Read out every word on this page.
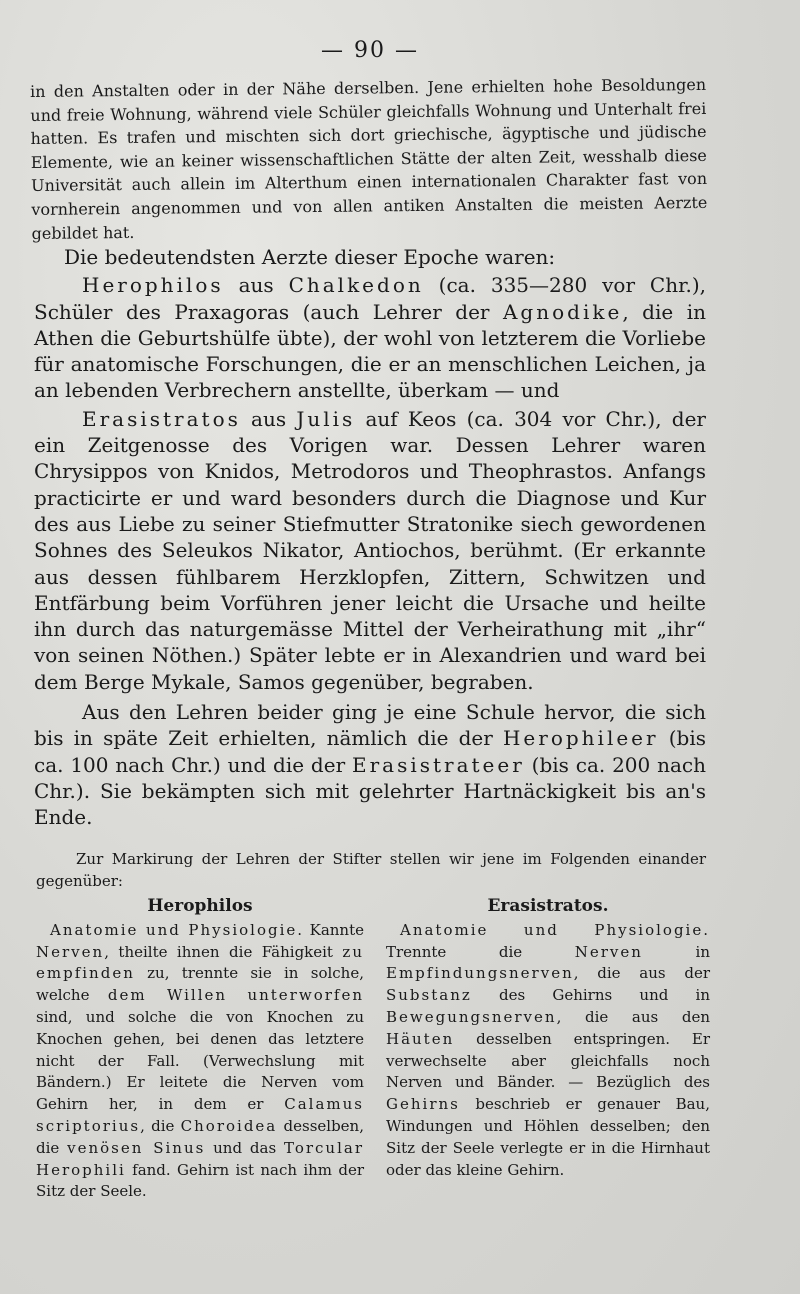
— 90 —

in den Anstalten oder in der Nähe derselben. Jene erhielten hohe Besoldungen und freie Wohnung, während viele Schüler gleichfalls Wohnung und Unterhalt frei hatten. Es trafen und mischten sich dort griechische, ägyptische und jüdische Elemente, wie an keiner wissenschaftlichen Stätte der alten Zeit, wesshalb diese Universität auch allein im Alterthum einen internationalen Charakter fast von vornherein angenommen und von allen antiken Anstalten die meisten Aerzte gebildet hat.

Die bedeutendsten Aerzte dieser Epoche waren:

Herophilos aus Chalkedon (ca. 335—280 vor Chr.), Schüler des Praxagoras (auch Lehrer der Agnodike, die in Athen die Geburtshülfe übte), der wohl von letzterem die Vorliebe für anatomische Forschungen, die er an menschlichen Leichen, ja an lebenden Verbrechern anstellte, überkam — und

Erasistratos aus Julis auf Keos (ca. 304 vor Chr.), der ein Zeitgenosse des Vorigen war. Dessen Lehrer waren Chrysippos von Knidos, Metrodoros und Theophrastos. Anfangs practicirte er und ward besonders durch die Diagnose und Kur des aus Liebe zu seiner Stiefmutter Stratonike siech gewordenen Sohnes des Seleukos Nikator, Antiochos, berühmt. (Er erkannte aus dessen fühlbarem Herzklopfen, Zittern, Schwitzen und Entfärbung beim Vorführen jener leicht die Ursache und heilte ihn durch das naturgemässe Mittel der Verheirathung mit „ihr“ von seinen Nöthen.) Später lebte er in Alexandrien und ward bei dem Berge Mykale, Samos gegenüber, begraben.

Aus den Lehren beider ging je eine Schule hervor, die sich bis in späte Zeit erhielten, nämlich die der Herophileer (bis ca. 100 nach Chr.) und die der Erasistrateer (bis ca. 200 nach Chr.). Sie bekämpten sich mit gelehrter Hartnäckigkeit bis an's Ende.

Zur Markirung der Lehren der Stifter stellen wir jene im Folgenden einander gegenüber:

Herophilos

Anatomie und Physiologie. Kannte Nerven, theilte ihnen die Fähigkeit zu empfinden zu, trennte sie in solche, welche dem Willen unterworfen sind, und solche die von Knochen zu Knochen gehen, bei denen das letztere nicht der Fall. (Verwechslung mit Bändern.) Er leitete die Nerven vom Gehirn her, in dem er Calamus scriptorius, die Choroidea desselben, die venösen Sinus und das Torcular Herophili fand. Gehirn ist nach ihm der Sitz der Seele.

Erasistratos.

Anatomie und Physiologie. Trennte die Nerven in Empfindungsnerven, die aus der Substanz des Gehirns und in Bewegungsnerven, die aus den Häuten desselben entspringen. Er verwechselte aber gleichfalls noch Nerven und Bänder. — Bezüglich des Gehirns beschrieb er genauer Bau, Windungen und Höhlen desselben; den Sitz der Seele verlegte er in die Hirnhaut oder das kleine Gehirn.
